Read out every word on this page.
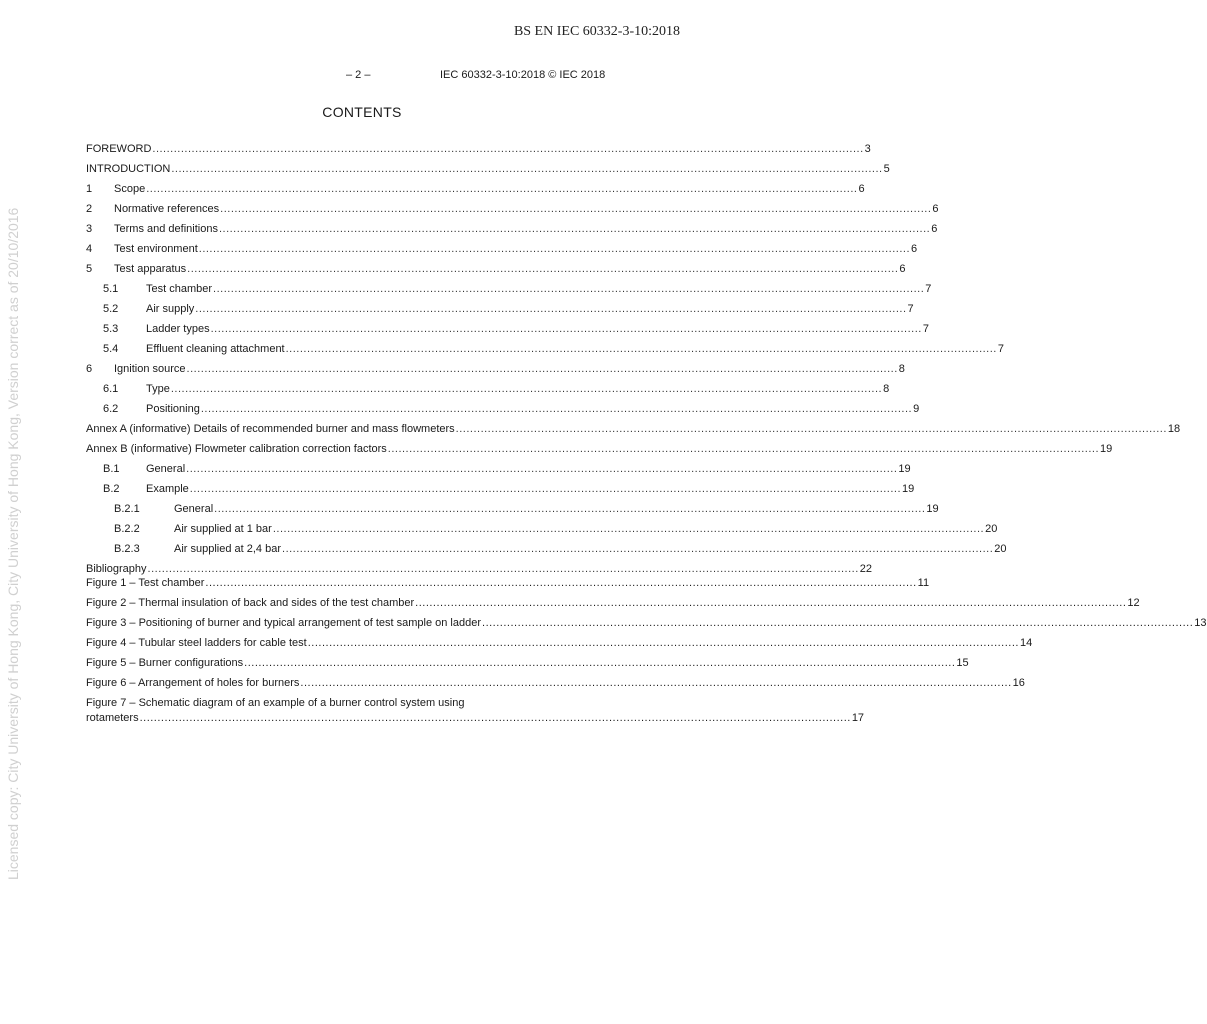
BS EN IEC 60332-3-10:2018
– 2 –	IEC 60332-3-10:2018 © IEC 2018
CONTENTS
Licensed copy: City University of Hong Kong, City University of Hong Kong, Version correct as of 20/10/2016
FOREWORD ........................................................................................................................................................................................................ 3
INTRODUCTION ........................................................................................................................................................................................................ 5
1	Scope ........................................................................................................................................................................................................ 6
2	Normative references ........................................................................................................................................................................................................ 6
3	Terms and definitions ........................................................................................................................................................................................................ 6
4	Test environment ........................................................................................................................................................................................................ 6
5	Test apparatus ........................................................................................................................................................................................................ 6
5.1	Test chamber ........................................................................................................................................................................................................ 7
5.2	Air supply ........................................................................................................................................................................................................ 7
5.3	Ladder types ........................................................................................................................................................................................................ 7
5.4	Effluent cleaning attachment ........................................................................................................................................................................................................ 7
6	Ignition source ........................................................................................................................................................................................................ 8
6.1	Type ........................................................................................................................................................................................................ 8
6.2	Positioning ........................................................................................................................................................................................................ 9
Annex A (informative) Details of recommended burner and mass flowmeters ........................................................................................................................................................................................................ 18
Annex B (informative) Flowmeter calibration correction factors ........................................................................................................................................................................................................ 19
B.1	General ........................................................................................................................................................................................................ 19
B.2	Example ........................................................................................................................................................................................................ 19
B.2.1	General ........................................................................................................................................................................................................ 19
B.2.2	Air supplied at 1 bar ........................................................................................................................................................................................................ 20
B.2.3	Air supplied at 2,4 bar ........................................................................................................................................................................................................ 20
Bibliography ........................................................................................................................................................................................................ 22
Figure 1 – Test chamber ........................................................................................................................................................................................................ 11
Figure 2 – Thermal insulation of back and sides of the test chamber ........................................................................................................................................................................................................ 12
Figure 3 – Positioning of burner and typical arrangement of test sample on ladder ........................................................................................................................................................................................................ 13
Figure 4 – Tubular steel ladders for cable test ........................................................................................................................................................................................................ 14
Figure 5 – Burner configurations ........................................................................................................................................................................................................ 15
Figure 6 – Arrangement of holes for burners ........................................................................................................................................................................................................ 16
Figure 7 – Schematic diagram of an example of a burner control system using
rotameters ........................................................................................................................................................................................................ 17
